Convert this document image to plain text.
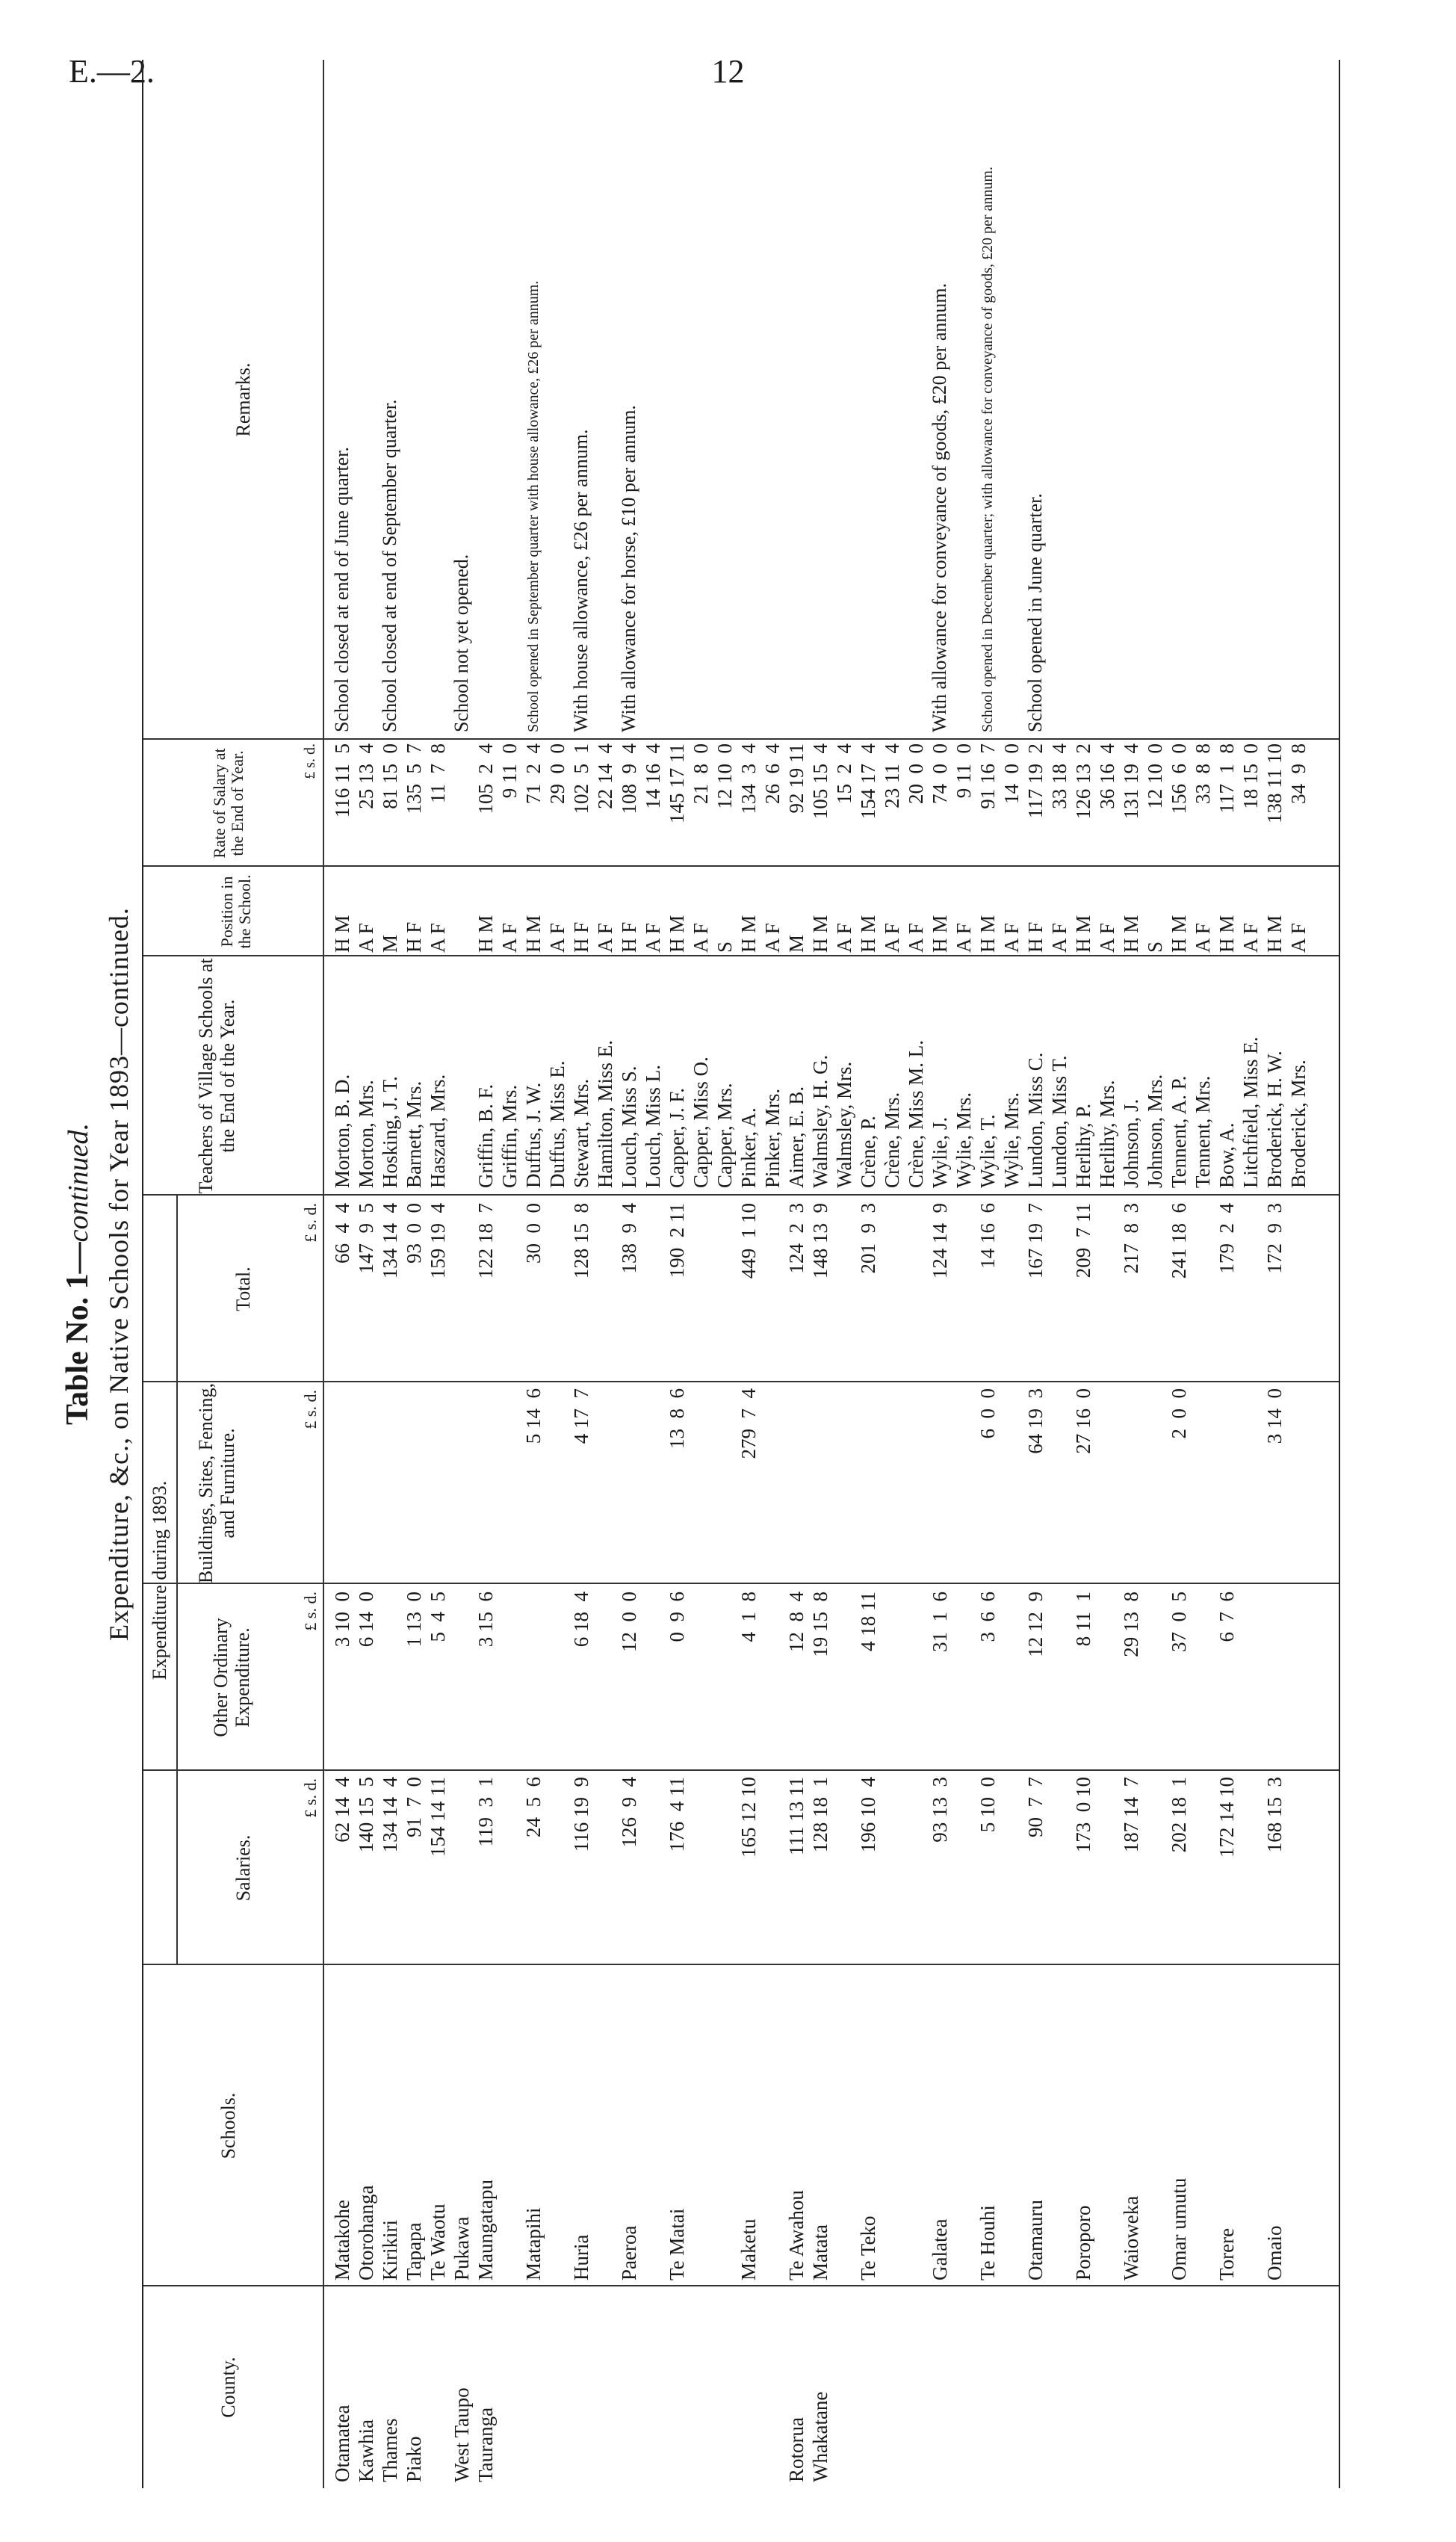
E.—2.	12
Table No. 1—continued. Expenditure, &c., on Native Schools for Year 1893—continued.
County.
Schools.
Expenditure during 1893.
Salaries.
Other Ordinary Expenditure.
Buildings, Sites, Fencing, and Furniture.
Total.
Teachers of Village Schools at the End of the Year.
Position in the School.
Rate of Salary at the End of Year.
Remarks.
£ s. d.
£ s. d.
£ s. d.
£ s. d.
£ s. d.
Otamatea
Matakohe
62 14  4
3 10  0
66  4  4
Morton, B. D.
H M
116 11  5
School closed at end of June quarter.
Kawhia
Otorohanga
140 15  5
6 14  0
147  9  5
Morton, Mrs.
A F
25 13  4
Thames
Kirikiri
134 14  4
134 14  4
Hosking, J. T.
M
81 15  0
School closed at end of September quarter.
Piako
Tapapa
91  7  0
1 13  0
93  0  0
Barnett, Mrs.
H F
135  5  7
Te Waotu
154 14 11
5  4  5
159 19  4
Haszard, Mrs.
A F
11  7  8
West Taupo
Pukawa
School not yet opened.
Tauranga
Maungatapu
119  3  1
3 15  6
122 18  7
Griffin, B. F.
H M
105  2  4
Griffin, Mrs.
A F
9 11  0
Matapihi
24  5  6
5 14  6
30  0  0
Duffus, J. W.
H M
71  2  4
School opened in September quarter with house allowance, £26 per annum.
Duffus, Miss E.
A F
29  0  0
Huria
116 19  9
6 18  4
4 17  7
128 15  8
Stewart, Mrs.
H F
102  5  1
With house allowance, £26 per annum.
Hamilton, Miss E.
A F
22 14  4
Paeroa
126  9  4
12  0  0
138  9  4
Louch, Miss S.
H F
108  9  4
With allowance for horse, £10 per annum.
Louch, Miss L.
A F
14 16  4
Te Matai
176  4 11
0  9  6
13  8  6
190  2 11
Capper, J. F.
H M
145 17 11
Capper, Miss O.
A F
21  8  0
Capper, Mrs.
S
12 10  0
Maketu
165 12 10
4  1  8
279  7  4
449  1 10
Pinker, A.
H M
134  3  4
Pinker, Mrs.
A F
26  6  4
Rotorua
Te Awahou
111 13 11
12  8  4
124  2  3
Aimer, E. B.
M
92 19 11
Whakatane
Matata
128 18  1
19 15  8
148 13  9
Walmsley, H. G.
H M
105 15  4
Walmsley, Mrs.
A F
15  2  4
Te Teko
196 10  4
4 18 11
201  9  3
Crène, P.
H M
154 17  4
Crène, Mrs.
A F
23 11  4
Crène, Miss M. L.
A F
20  0  0
Galatea
93 13  3
31  1  6
124 14  9
Wylie, J.
H M
74  0  0
With allowance for conveyance of goods, £20 per annum.
Wylie, Mrs.
A F
9 11  0
Te Houhi
5 10  0
3  6  6
6  0  0
14 16  6
Wylie, T.
H M
91 16  7
School opened in December quarter; with allowance for conveyance of goods, £20 per annum.
Wylie, Mrs.
A F
14  0  0
Otamauru
90  7  7
12 12  9
64 19  3
167 19  7
Lundon, Miss C.
H F
117 19  2
School opened in June quarter.
Lundon, Miss T.
A F
33 18  4
Poroporo
173  0 10
8 11  1
27 16  0
209  7 11
Herlihy, P.
H M
126 13  2
Herlihy, Mrs.
A F
36 16  4
Waioweka
187 14  7
29 13  8
217  8  3
Johnson, J.
H M
131 19  4
Johnson, Mrs.
S
12 10  0
Omar umutu
202 18  1
37  0  5
2  0  0
241 18  6
Tennent, A. P.
H M
156  6  0
Tennent, Mrs.
A F
33  8  8
Torere
172 14 10
6  7  6
179  2  4
Bow, A.
H M
117  1  8
Litchfield, Miss E.
A F
18 15  0
Omaio
168 15  3
3 14  0
172  9  3
Broderick, H. W.
H M
138 11 10
Broderick, Mrs.
A F
34  9  8
